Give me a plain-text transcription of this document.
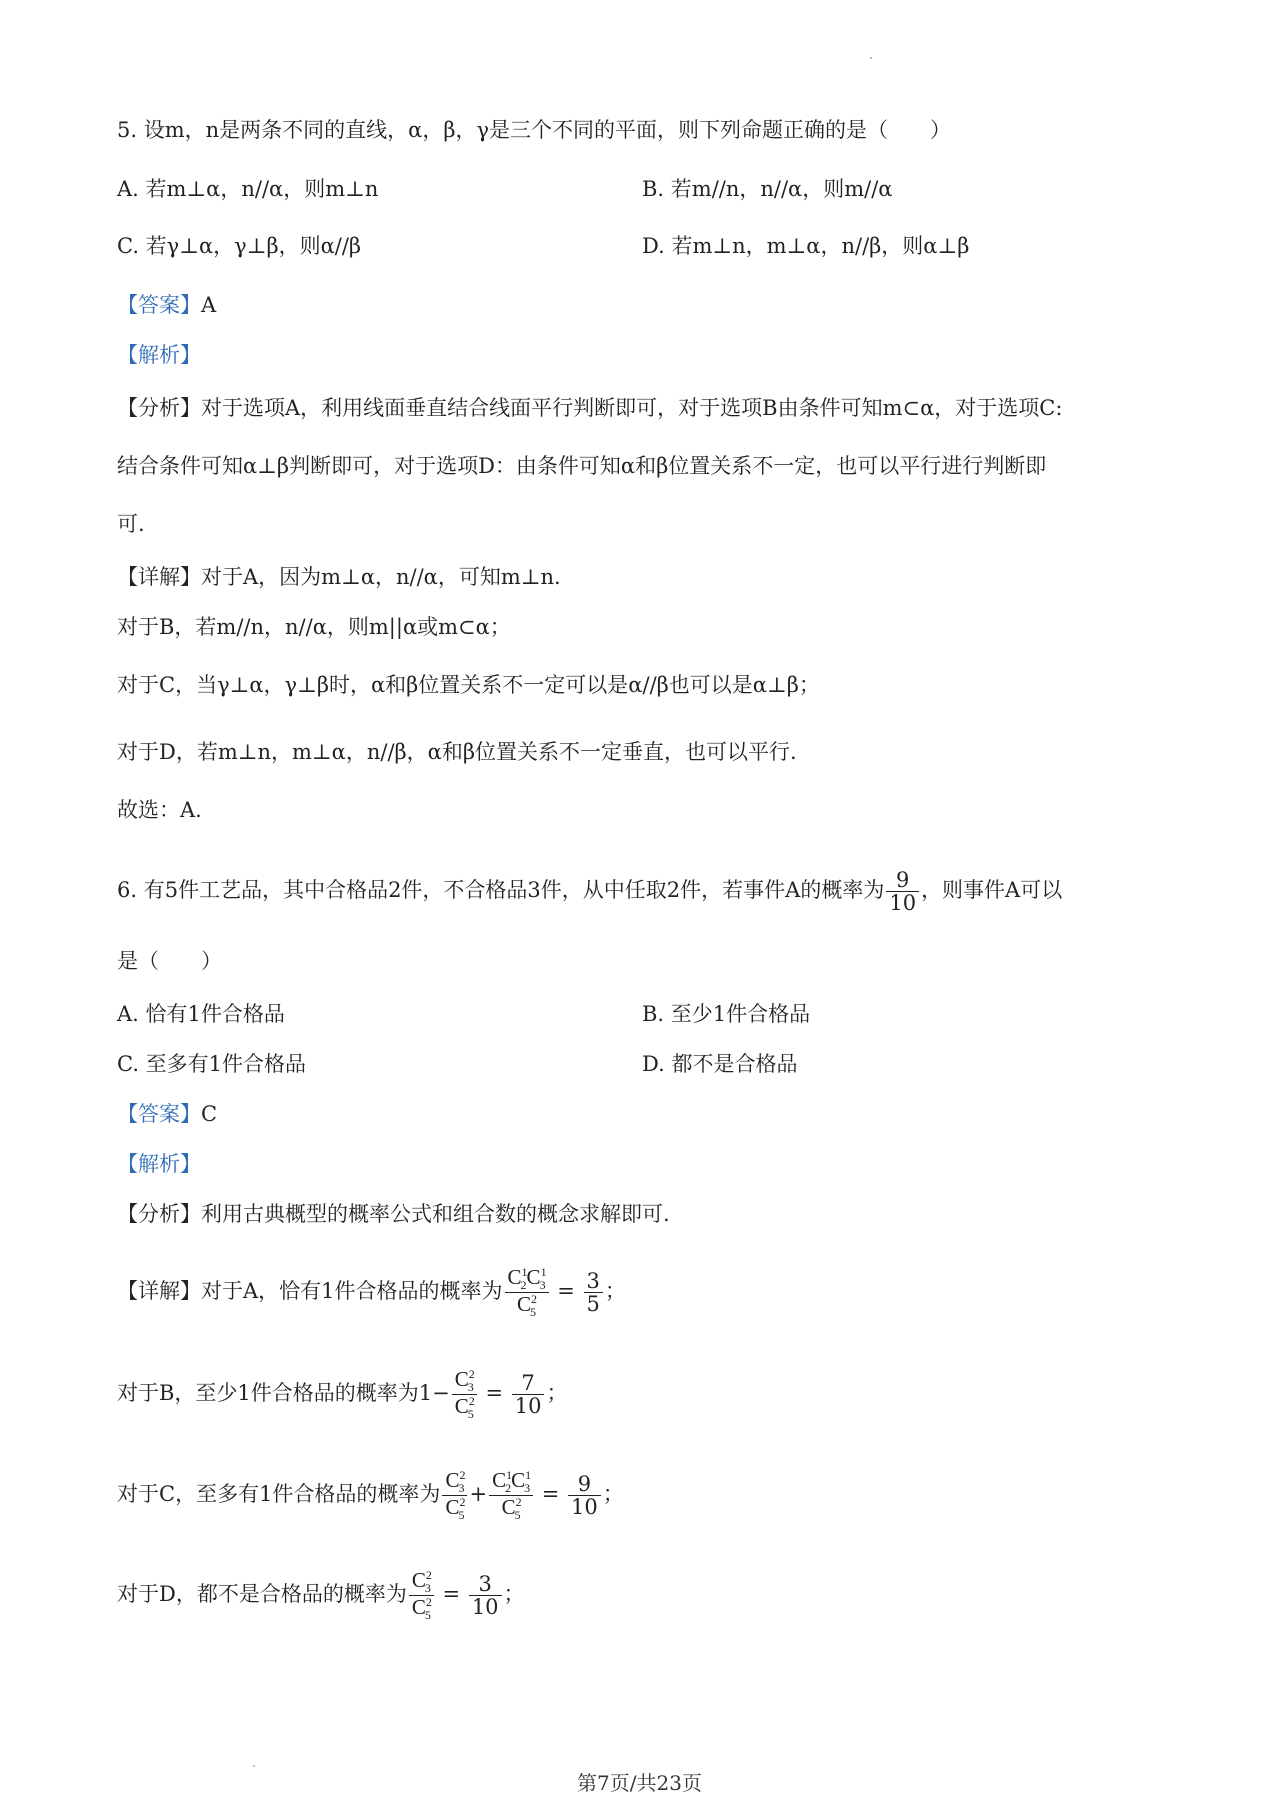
5. 设m，n是两条不同的直线，α，β，γ是三个不同的平面，则下列命题正确的是（　　）
A. 若m⊥α，n//α，则m⊥n	B. 若m//n，n//α，则m//α
C. 若γ⊥α，γ⊥β，则α//β	D. 若m⊥n，m⊥α，n//β，则α⊥β
【答案】A
【解析】
【分析】对于选项A，利用线面垂直结合线面平行判断即可，对于选项B由条件可知m⊂α，对于选项C:
结合条件可知α⊥β判断即可，对于选项D：由条件可知α和β位置关系不一定，也可以平行进行判断即
可.
【详解】对于A，因为m⊥α，n//α，可知m⊥n.
对于B，若m//n，n//α，则m||α或m⊂α；
对于C，当γ⊥α，γ⊥β时，α和β位置关系不一定可以是α//β也可以是α⊥β；
对于D，若m⊥n，m⊥α，n//β，α和β位置关系不一定垂直，也可以平行.
故选：A.
6. 有5件工艺品，其中合格品2件，不合格品3件，从中任取2件，若事件A的概率为 $\frac{9}{10}$ ，则事件A可以
是（　　）
A. 恰有1件合格品	B. 至少1件合格品
C. 至多有1件合格品	D. 都不是合格品
【答案】C
【解析】
【分析】利用古典概型的概率公式和组合数的概念求解即可.
【详解】对于A，恰有1件合格品的概率为 $\frac{C^1_2C^1_3}{C^2_5} = \frac{3}{5}$ ；
对于B，至少1件合格品的概率为$1- \frac{C^2_3}{C^2_5} = \frac{7}{10}$ ；
对于C，至多有1件合格品的概率为 $\frac{C^2_3}{C^2_5} + \frac{C^1_2C^1_3}{C^2_5} = \frac{9}{10}$ ；
对于D，都不是合格品的概率为 $\frac{C^2_3}{C^2_5} = \frac{3}{10}$ ；
第7页/共23页
